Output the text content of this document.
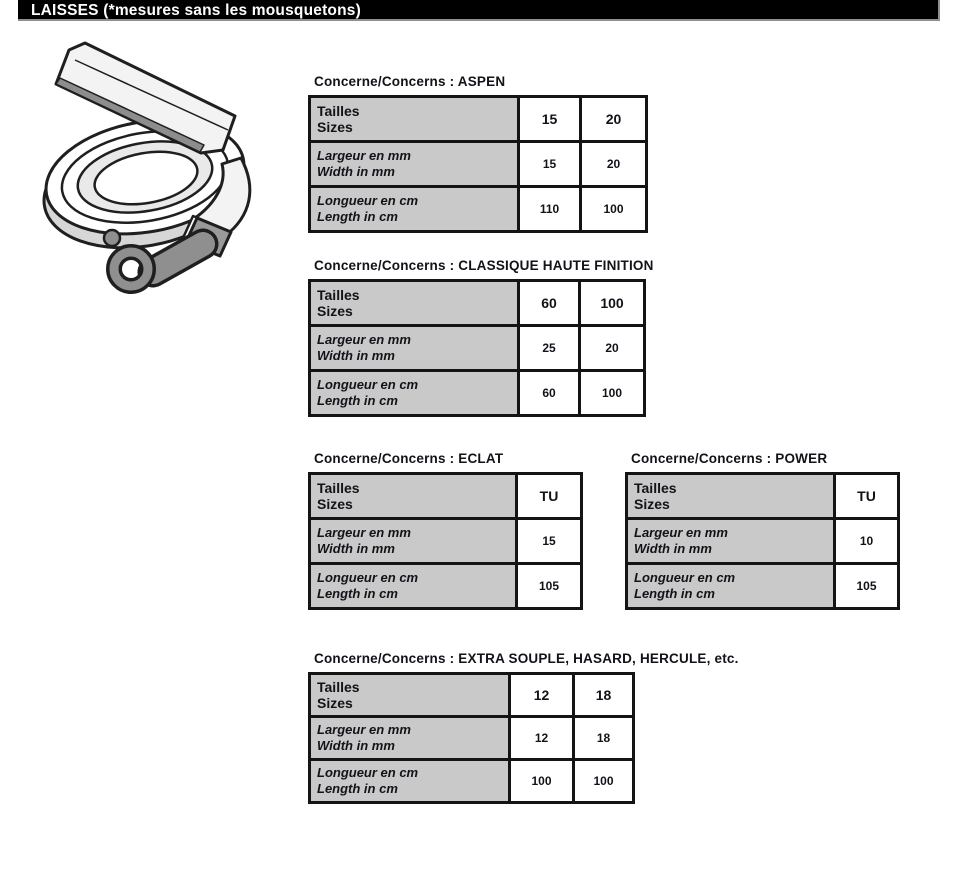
LAISSES (*mesures sans les mousquetons)
Concerne/Concerns : ASPEN
Tailles
Sizes	15	20

Largeur en mm
Width in mm	15	20

Longueur en cm
Length in cm	110	100
Concerne/Concerns : CLASSIQUE HAUTE FINITION
Tailles
Sizes	60	100

Largeur en mm
Width in mm	25	20

Longueur en cm
Length in cm	60	100
Concerne/Concerns : ECLAT
Tailles
Sizes	TU

Largeur en mm
Width in mm	15

Longueur en cm
Length in cm	105
Concerne/Concerns : POWER
Tailles
Sizes	TU

Largeur en mm
Width in mm	10

Longueur en cm
Length in cm	105
Concerne/Concerns : EXTRA SOUPLE, HASARD, HERCULE, etc.
Tailles
Sizes	12	18

Largeur en mm
Width in mm	12	18

Longueur en cm
Length in cm	100	100
